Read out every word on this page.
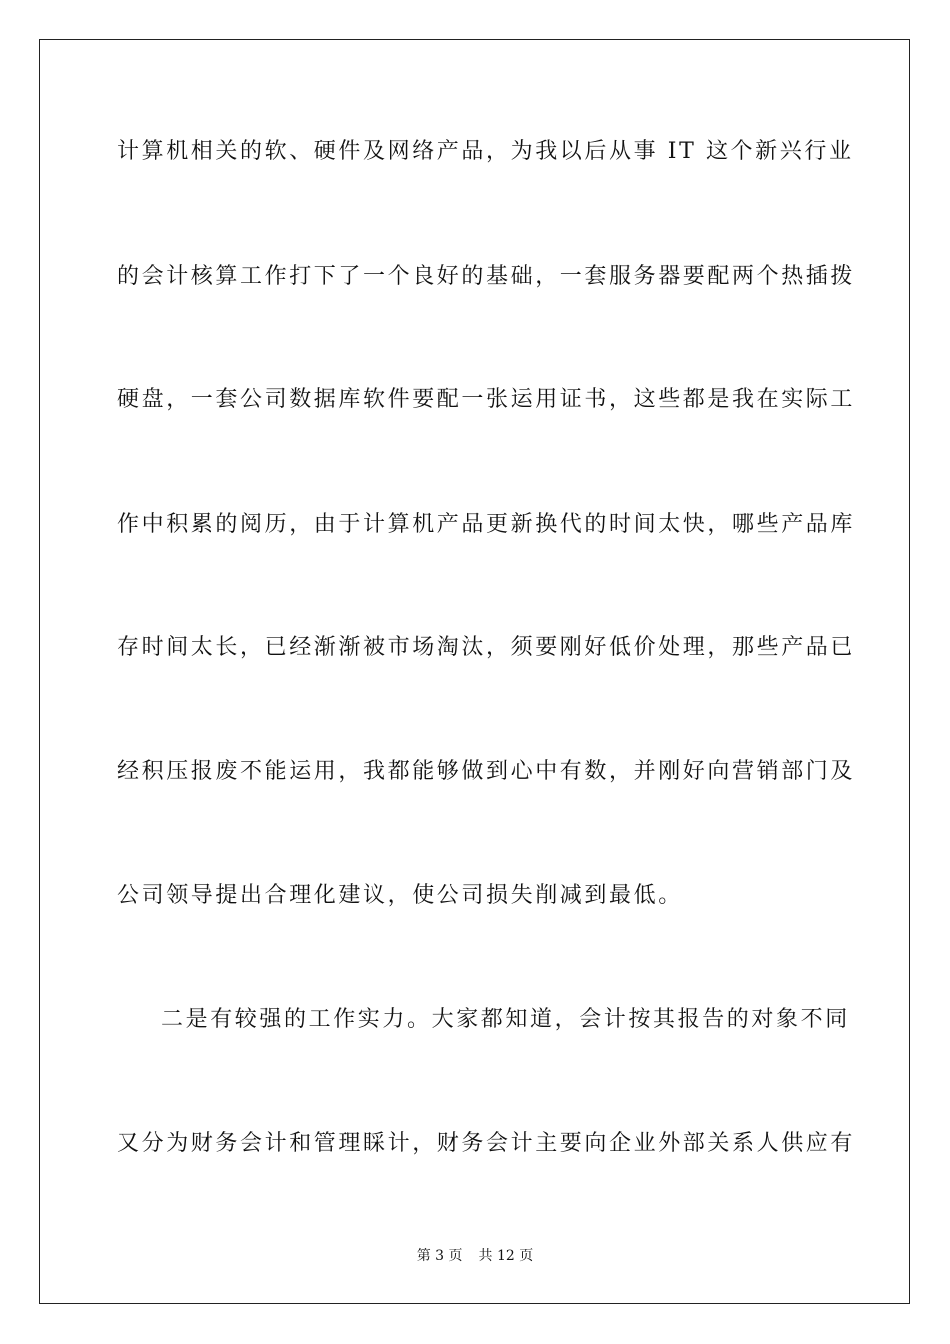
计算机相关的软、硬件及网络产品，为我以后从事 IT 这个新兴行业
的会计核算工作打下了一个良好的基础，一套服务器要配两个热插拨
硬盘，一套公司数据库软件要配一张运用证书，这些都是我在实际工
作中积累的阅历，由于计算机产品更新换代的时间太快，哪些产品库
存时间太长，已经渐渐被市场淘汰，须要刚好低价处理，那些产品已
经积压报废不能运用，我都能够做到心中有数，并刚好向营销部门及
公司领导提出合理化建议，使公司损失削减到最低。
二是有较强的工作实力。大家都知道，会计按其报告的对象不同
又分为财务会计和管理睬计，财务会计主要向企业外部关系人供应有
第 3 页 共 12 页
